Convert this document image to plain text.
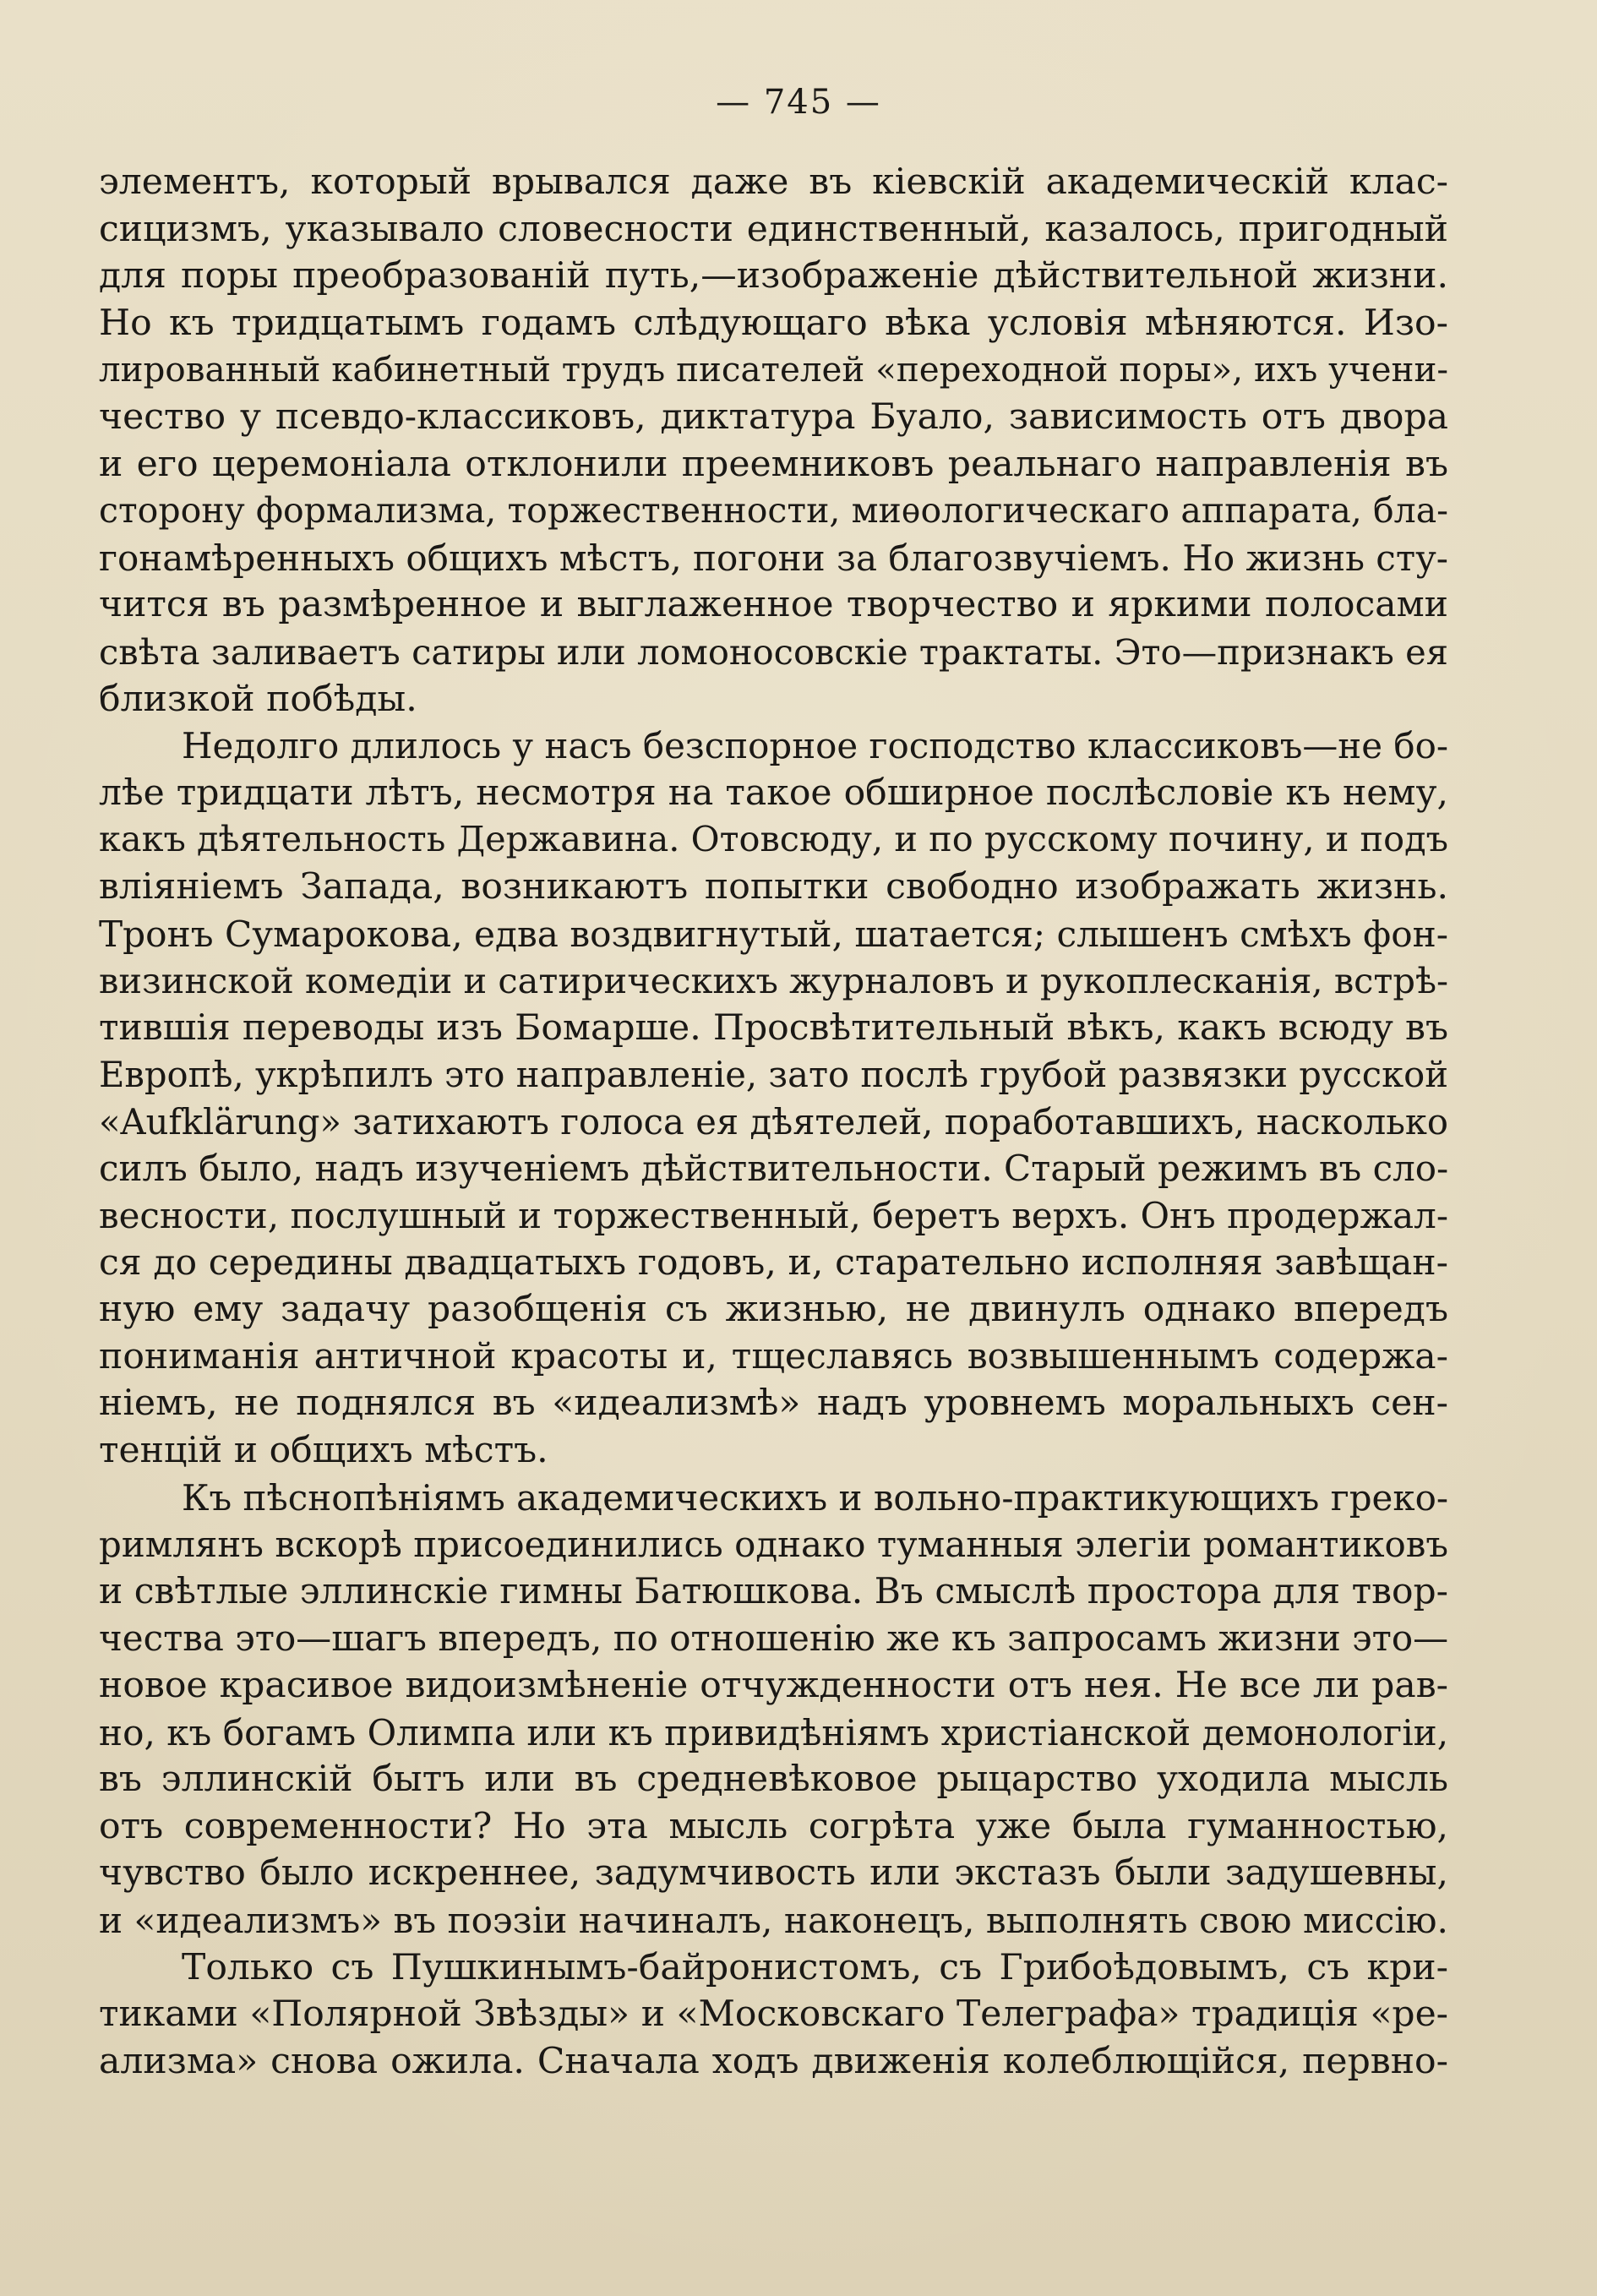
— 745 —
элементъ, который врывался даже въ кіевскій академическій клас-
сицизмъ, указывало словесности единственный, казалось, пригодный
для поры преобразованій путь,—изображеніе дѣйствительной жизни.
Но къ тридцатымъ годамъ слѣдующаго вѣка условія мѣняются. Изо-
лированный кабинетный трудъ писателей «переходной поры», ихъ учени-
чество у псевдо-классиковъ, диктатура Буало, зависимость отъ двора
и его церемоніала отклонили преемниковъ реальнаго направленія въ
сторону формализма, торжественности, миѳологическаго аппарата, бла-
гонамѣренныхъ общихъ мѣстъ, погони за благозвучіемъ. Но жизнь сту-
чится въ размѣренное и выглаженное творчество и яркими полосами
свѣта заливаетъ сатиры или ломоносовскіе трактаты. Это—признакъ ея
близкой побѣды.
Недолго длилось у насъ безспорное господство классиковъ—не бо-
лѣе тридцати лѣтъ, несмотря на такое обширное послѣсловіе къ нему,
какъ дѣятельность Державина. Отовсюду, и по русскому почину, и подъ
вліяніемъ Запада, возникаютъ попытки свободно изображать жизнь.
Тронъ Сумарокова, едва воздвигнутый, шатается; слышенъ смѣхъ фон-
визинской комедіи и сатирическихъ журналовъ и рукоплесканія, встрѣ-
тившія переводы изъ Бомарше. Просвѣтительный вѣкъ, какъ всюду въ
Европѣ, укрѣпилъ это направленіе, зато послѣ грубой развязки русской
«Aufklärung» затихаютъ голоса ея дѣятелей, поработавшихъ, насколько
силъ было, надъ изученіемъ дѣйствительности. Старый режимъ въ сло-
весности, послушный и торжественный, беретъ верхъ. Онъ продержал-
ся до середины двадцатыхъ годовъ, и, старательно исполняя завѣщан-
ную ему задачу разобщенія съ жизнью, не двинулъ однако впередъ
пониманія античной красоты и, тщеславясь возвышеннымъ содержа-
ніемъ, не поднялся въ «идеализмѣ» надъ уровнемъ моральныхъ сен-
тенцій и общихъ мѣстъ.
Къ пѣснопѣніямъ академическихъ и вольно-практикующихъ греко-
римлянъ вскорѣ присоединились однако туманныя элегіи романтиковъ
и свѣтлые эллинскіе гимны Батюшкова. Въ смыслѣ простора для твор-
чества это—шагъ впередъ, по отношенію же къ запросамъ жизни это—
новое красивое видоизмѣненіе отчужденности отъ нея. Не все ли рав-
но, къ богамъ Олимпа или къ привидѣніямъ христіанской демонологіи,
въ эллинскій бытъ или въ средневѣковое рыцарство уходила мысль
отъ современности? Но эта мысль согрѣта уже была гуманностью,
чувство было искреннее, задумчивость или экстазъ были задушевны,
и «идеализмъ» въ поэзіи начиналъ, наконецъ, выполнять свою миссію.
Только съ Пушкинымъ-байронистомъ, съ Грибоѣдовымъ, съ кри-
тиками «Полярной Звѣзды» и «Московскаго Телеграфа» традиція «ре-
ализма» снова ожила. Сначала ходъ движенія колеблющійся, первно-
